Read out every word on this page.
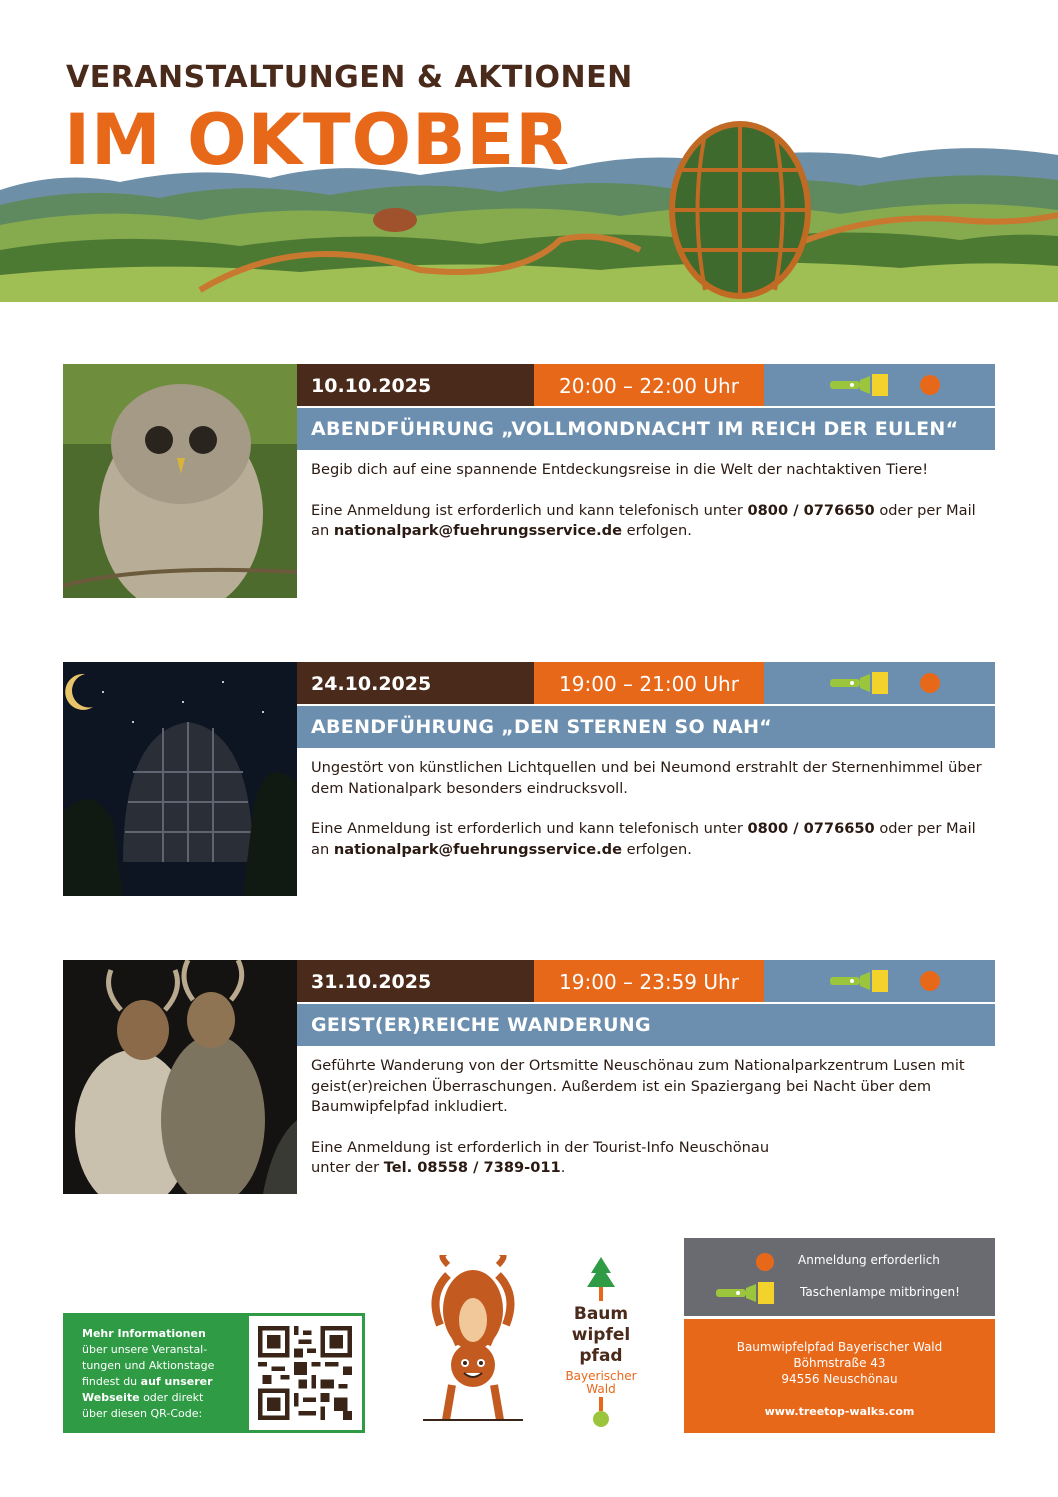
VERANSTALTUNGEN & AKTIONEN
IM OKTOBER
10.10.2025	20:00 – 22:00 Uhr
ABENDFÜHRUNG „VOLLMONDNACHT IM REICH DER EULEN“

Begib dich auf eine spannende Entdeckungsreise in die Welt der nachtaktiven Tiere!

Eine Anmeldung ist erforderlich und kann telefonisch unter 0800 / 0776650 oder per Mail an nationalpark@fuehrungsservice.de erfolgen.

24.10.2025	19:00 – 21:00 Uhr
ABENDFÜHRUNG „DEN STERNEN SO NAH“

Ungestört von künstlichen Lichtquellen und bei Neumond erstrahlt der Sternenhimmel über dem Nationalpark besonders eindrucksvoll.

Eine Anmeldung ist erforderlich und kann telefonisch unter 0800 / 0776650 oder per Mail an nationalpark@fuehrungsservice.de erfolgen.

31.10.2025	19:00 – 23:59 Uhr
GEIST(ER)REICHE WANDERUNG

Geführte Wanderung von der Ortsmitte Neuschönau zum Nationalparkzentrum Lusen mit geist(er)reichen Überraschungen. Außerdem ist ein Spaziergang bei Nacht über dem Baumwipfelpfad inkludiert.

Eine Anmeldung ist erforderlich in der Tourist-Info Neuschönau
unter der Tel. 08558 / 7389-011.

Mehr Informationen
über unsere Veranstal-
tungen und Aktionstage
findest du auf unserer
Webseite oder direkt
über diesen QR-Code:
Baum
wipfel
pfad
Bayerischer
Wald
Anmeldung erforderlich
Taschenlampe mitbringen!
Baumwipfelpfad Bayerischer Wald
Böhmstraße 43
94556 Neuschönau
www.treetop-walks.com
